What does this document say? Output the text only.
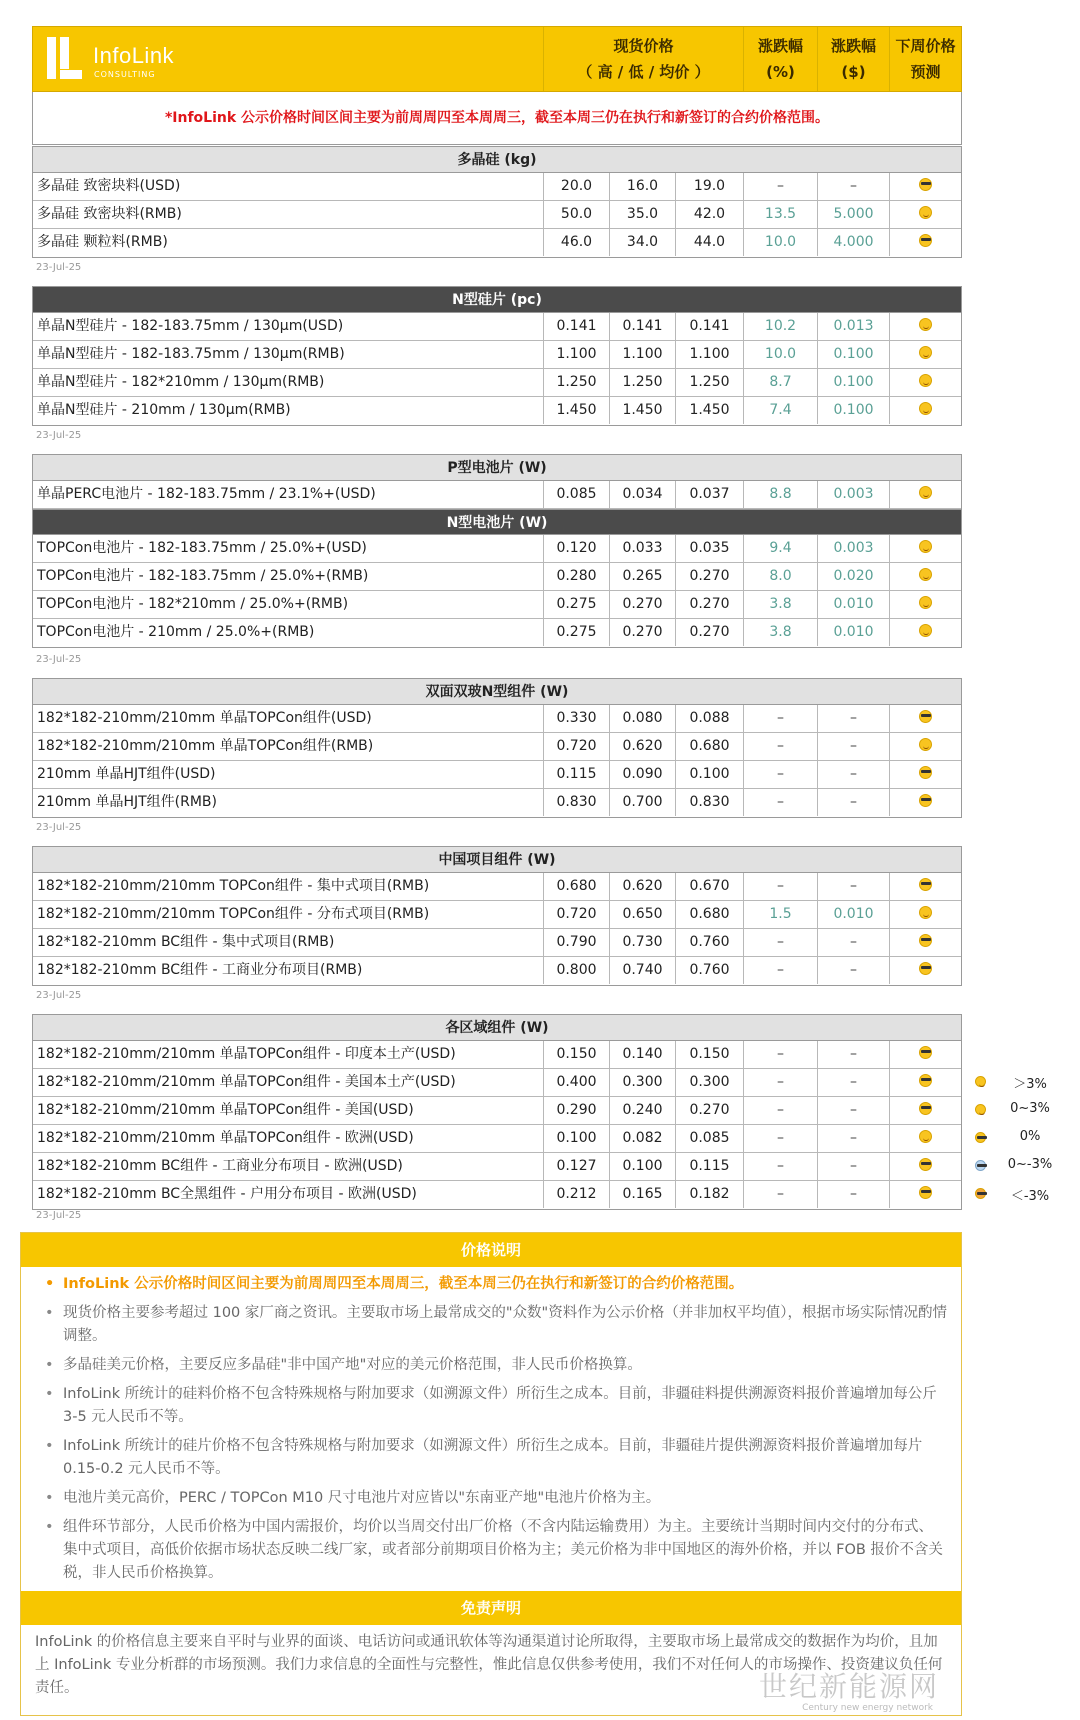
InfoLink
CONSULTING
现货价格
（ 高 / 低 / 均价 ）
涨跌幅
(%)
涨跌幅
($)
下周价格
预测
*InfoLink 公示价格时间区间主要为前周周四至本周周三，截至本周三仍在执行和新签订的合约价格范围。
多晶硅 (kg)
多晶硅 致密块料(USD)	20.0	16.0	19.0	–	–
多晶硅 致密块料(RMB)	50.0	35.0	42.0	13.5	5.000
多晶硅 颗粒料(RMB)	46.0	34.0	44.0	10.0	4.000
N型硅片 (pc)
单晶N型硅片 - 182-183.75mm / 130μm(USD)	0.141	0.141	0.141	10.2	0.013
单晶N型硅片 - 182-183.75mm / 130μm(RMB)	1.100	1.100	1.100	10.0	0.100
单晶N型硅片 - 182*210mm / 130μm(RMB)	1.250	1.250	1.250	8.7	0.100
单晶N型硅片 - 210mm / 130μm(RMB)	1.450	1.450	1.450	7.4	0.100
P型电池片 (W)
单晶PERC电池片 - 182-183.75mm / 23.1%+(USD)	0.085	0.034	0.037	8.8	0.003
N型电池片 (W)
TOPCon电池片 - 182-183.75mm / 25.0%+(USD)	0.120	0.033	0.035	9.4	0.003
TOPCon电池片 - 182-183.75mm / 25.0%+(RMB)	0.280	0.265	0.270	8.0	0.020
TOPCon电池片 - 182*210mm / 25.0%+(RMB)	0.275	0.270	0.270	3.8	0.010
TOPCon电池片 - 210mm / 25.0%+(RMB)	0.275	0.270	0.270	3.8	0.010
双面双玻N型组件 (W)
182*182-210mm/210mm 单晶TOPCon组件(USD)	0.330	0.080	0.088	–	–
182*182-210mm/210mm 单晶TOPCon组件(RMB)	0.720	0.620	0.680	–	–
210mm 单晶HJT组件(USD)	0.115	0.090	0.100	–	–
210mm 单晶HJT组件(RMB)	0.830	0.700	0.830	–	–
中国项目组件 (W)
182*182-210mm/210mm TOPCon组件 - 集中式项目(RMB)	0.680	0.620	0.670	–	–
182*182-210mm/210mm TOPCon组件 - 分布式项目(RMB)	0.720	0.650	0.680	1.5	0.010
182*182-210mm BC组件 - 集中式项目(RMB)	0.790	0.730	0.760	–	–
182*182-210mm BC组件 - 工商业分布项目(RMB)	0.800	0.740	0.760	–	–
各区域组件 (W)
182*182-210mm/210mm 单晶TOPCon组件 - 印度本土产(USD)	0.150	0.140	0.150	–	–
182*182-210mm/210mm 单晶TOPCon组件 - 美国本土产(USD)	0.400	0.300	0.300	–	–
182*182-210mm/210mm 单晶TOPCon组件 - 美国(USD)	0.290	0.240	0.270	–	–
182*182-210mm/210mm 单晶TOPCon组件 - 欧洲(USD)	0.100	0.082	0.085	–	–
182*182-210mm BC组件 - 工商业分布项目 - 欧洲(USD)	0.127	0.100	0.115	–	–
182*182-210mm BC全黑组件 - 户用分布项目 - 欧洲(USD)	0.212	0.165	0.182	–	–
23-Jul-25
23-Jul-25
23-Jul-25
23-Jul-25
23-Jul-25
23-Jul-25
＞3%
0~3%
0%
0~-3%
＜-3%
价格说明
• InfoLink 公示价格时间区间主要为前周周四至本周周三，截至本周三仍在执行和新签订的合约价格范围。
• 现货价格主要参考超过 100 家厂商之资讯。主要取市场上最常成交的"众数"资料作为公示价格（并非加权平均值），根据市场实际情况酌情调整。
• 多晶硅美元价格，主要反应多晶硅"非中国产地"对应的美元价格范围，非人民币价格换算。
• InfoLink 所统计的硅料价格不包含特殊规格与附加要求（如溯源文件）所衍生之成本。目前，非疆硅料提供溯源资料报价普遍增加每公斤 3-5 元人民币不等。
• InfoLink 所统计的硅片价格不包含特殊规格与附加要求（如溯源文件）所衍生之成本。目前，非疆硅片提供溯源资料报价普遍增加每片 0.15-0.2 元人民币不等。
• 电池片美元高价，PERC / TOPCon M10 尺寸电池片对应皆以"东南亚产地"电池片价格为主。
• 组件环节部分，人民币价格为中国内需报价，均价以当周交付出厂价格（不含内陆运输费用）为主。主要统计当期时间内交付的分布式、集中式项目，高低价依据市场状态反映二线厂家，或者部分前期项目价格为主；美元价格为非中国地区的海外价格，并以 FOB 报价不含关税，非人民币价格换算。
免责声明
InfoLink 的价格信息主要来自平时与业界的面谈、电话访问或通讯软体等沟通渠道讨论所取得，主要取市场上最常成交的数据作为均价，且加上 InfoLink 专业分析群的市场预测。我们力求信息的全面性与完整性，惟此信息仅供参考使用，我们不对任何人的市场操作、投资建议负任何责任。	世纪新能源网
Century new energy network
